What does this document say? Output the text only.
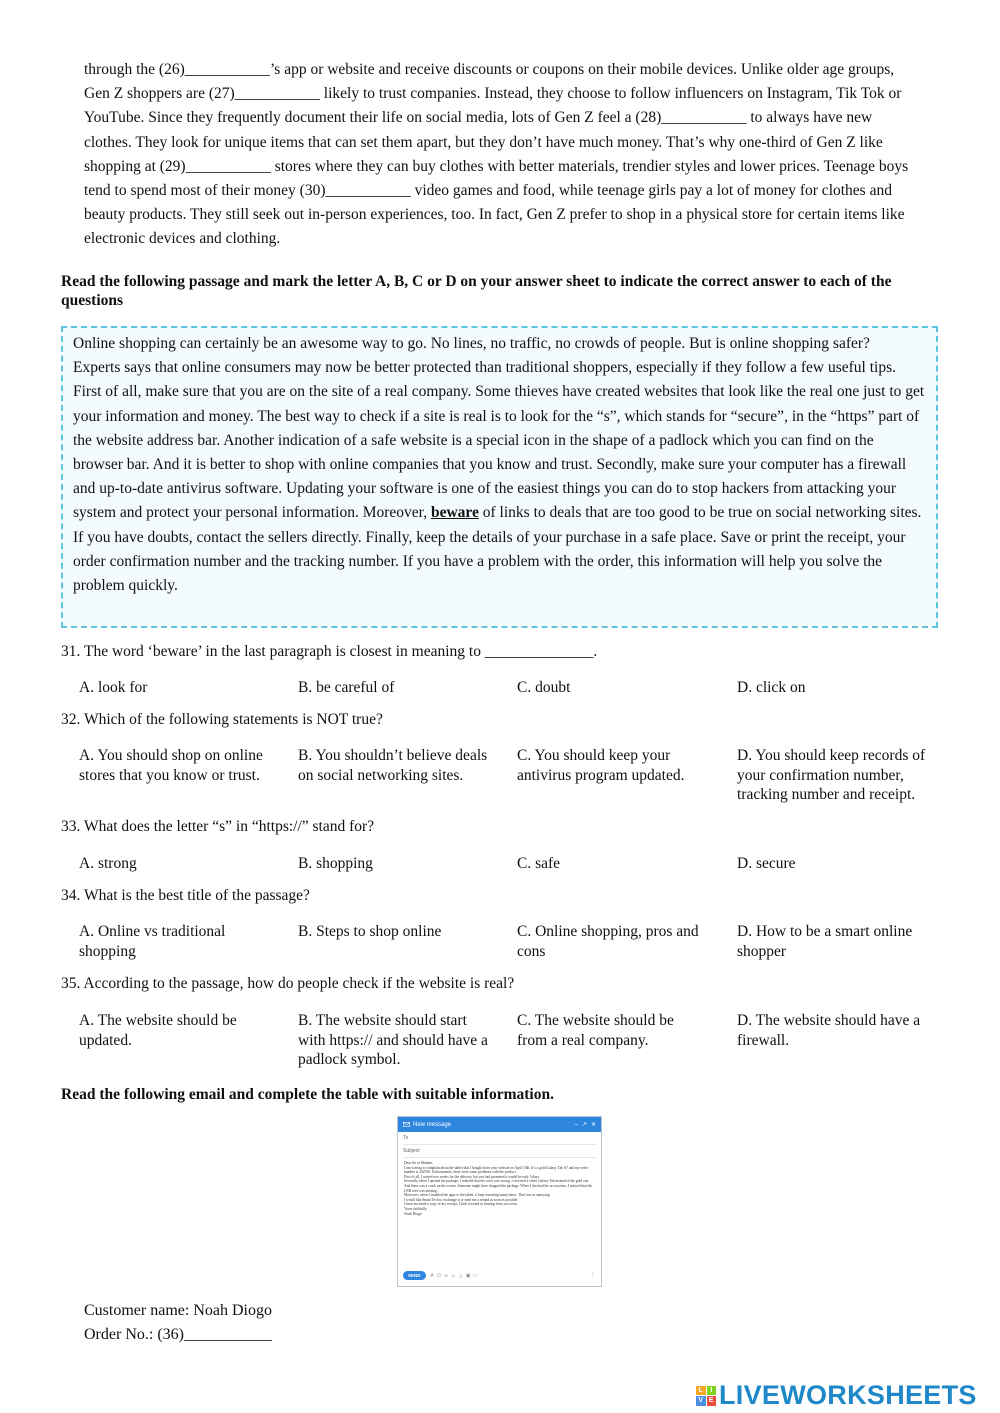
through the (26)___________’s app or website and receive discounts or coupons on their mobile devices. Unlike older age groups, Gen Z shoppers are (27)___________ likely to trust companies. Instead, they choose to follow influencers on Instagram, Tik Tok or YouTube. Since they frequently document their life on social media, lots of Gen Z feel a (28)___________ to always have new clothes. They look for unique items that can set them apart, but they don’t have much money. That’s why one-third of Gen Z like shopping at (29)___________ stores where they can buy clothes with better materials, trendier styles and lower prices. Teenage boys tend to spend most of their money (30)___________ video games and food, while teenage girls pay a lot of money for clothes and beauty products. They still seek out in-person experiences, too. In fact, Gen Z prefer to shop in a physical store for certain items like electronic devices and clothing.

Read the following passage and mark the letter A, B, C or D on your answer sheet to indicate the correct answer to each of the questions

Online shopping can certainly be an awesome way to go. No lines, no traffic, no crowds of people. But is online shopping safer?

Experts says that online consumers may now be better protected than traditional shoppers, especially if they follow a few useful tips. First of all, make sure that you are on the site of a real company. Some thieves have created websites that look like the real one just to get your information and money. The best way to check if a site is real is to look for the “s”, which stands for “secure”, in the “https” part of the website address bar. Another indication of a safe website is a special icon in the shape of a padlock which you can find on the browser bar. And it is better to shop with online companies that you know and trust. Secondly, make sure your computer has a firewall and up-to-date antivirus software. Updating your software is one of the easiest things you can do to stop hackers from attacking your system and protect your personal information. Moreover, beware of links to deals that are too good to be true on social networking sites. If you have doubts, contact the sellers directly. Finally, keep the details of your purchase in a safe place. Save or print the receipt, your order confirmation number and the tracking number. If you have a problem with the order, this information will help you solve the problem quickly.

31. The word ‘beware’ in the last paragraph is closest in meaning to ______________.

A. look for	B. be careful of	C. doubt	D. click on

32. Which of the following statements is NOT true?

A. You should shop on online stores that you know or trust.

B. You shouldn’t believe deals on social networking sites.

C. You should keep your antivirus program updated.

D. You should keep records of your confirmation number, tracking number and receipt.

33. What does the letter “s” in “https://” stand for?

A. strong	B. shopping	C. safe	D. secure

34. What is the best title of the passage?

A. Online vs traditional shopping

B. Steps to shop online	C. Online shopping, pros and cons

D. How to be a smart online shopper

35. According to the passage, how do people check if the website is real?

A. The website should be updated.

B. The website should start with https:// and should have a padlock symbol.

C. The website should be from a real company.

D. The website should have a firewall.

Read the following email and complete the table with suitable information.

New message	– ↗ ✕
To
Subject
Dear Sir or Madam,
I am writing to complain about the tablet that I bought from your website on April 10th. It’s a gold Galaxy Tab A7 and my order number is 234760. Unfortunately, there were some problems with the product.
First of all, I waited two weeks for the delivery, but you had promised it would be only 3 days.
Secondly, when I opened the package, I realized that the color was wrong. I received a silver Galaxy Tab instead of the gold one. And there was a crack on the screen. Someone might have dropped the package. When I checked the accessories, I noticed that the USB wire was missing.
Moreover, when I installed the apps to the tablet, it kept restarting many times. That was so annoying.
I would like Smart Tech to exchange it or send me a refund as soon as possible.
I have enclosed a copy of my receipt. I look forward to hearing from you soon.
Yours faithfully,
Noah Diogo
SEND	A ∅ ∞ ☺ △ ▣ □	⋮

Customer name: Noah Diogo

Order No.: (36)___________

L	I
V E LIVEWORKSHEETS
